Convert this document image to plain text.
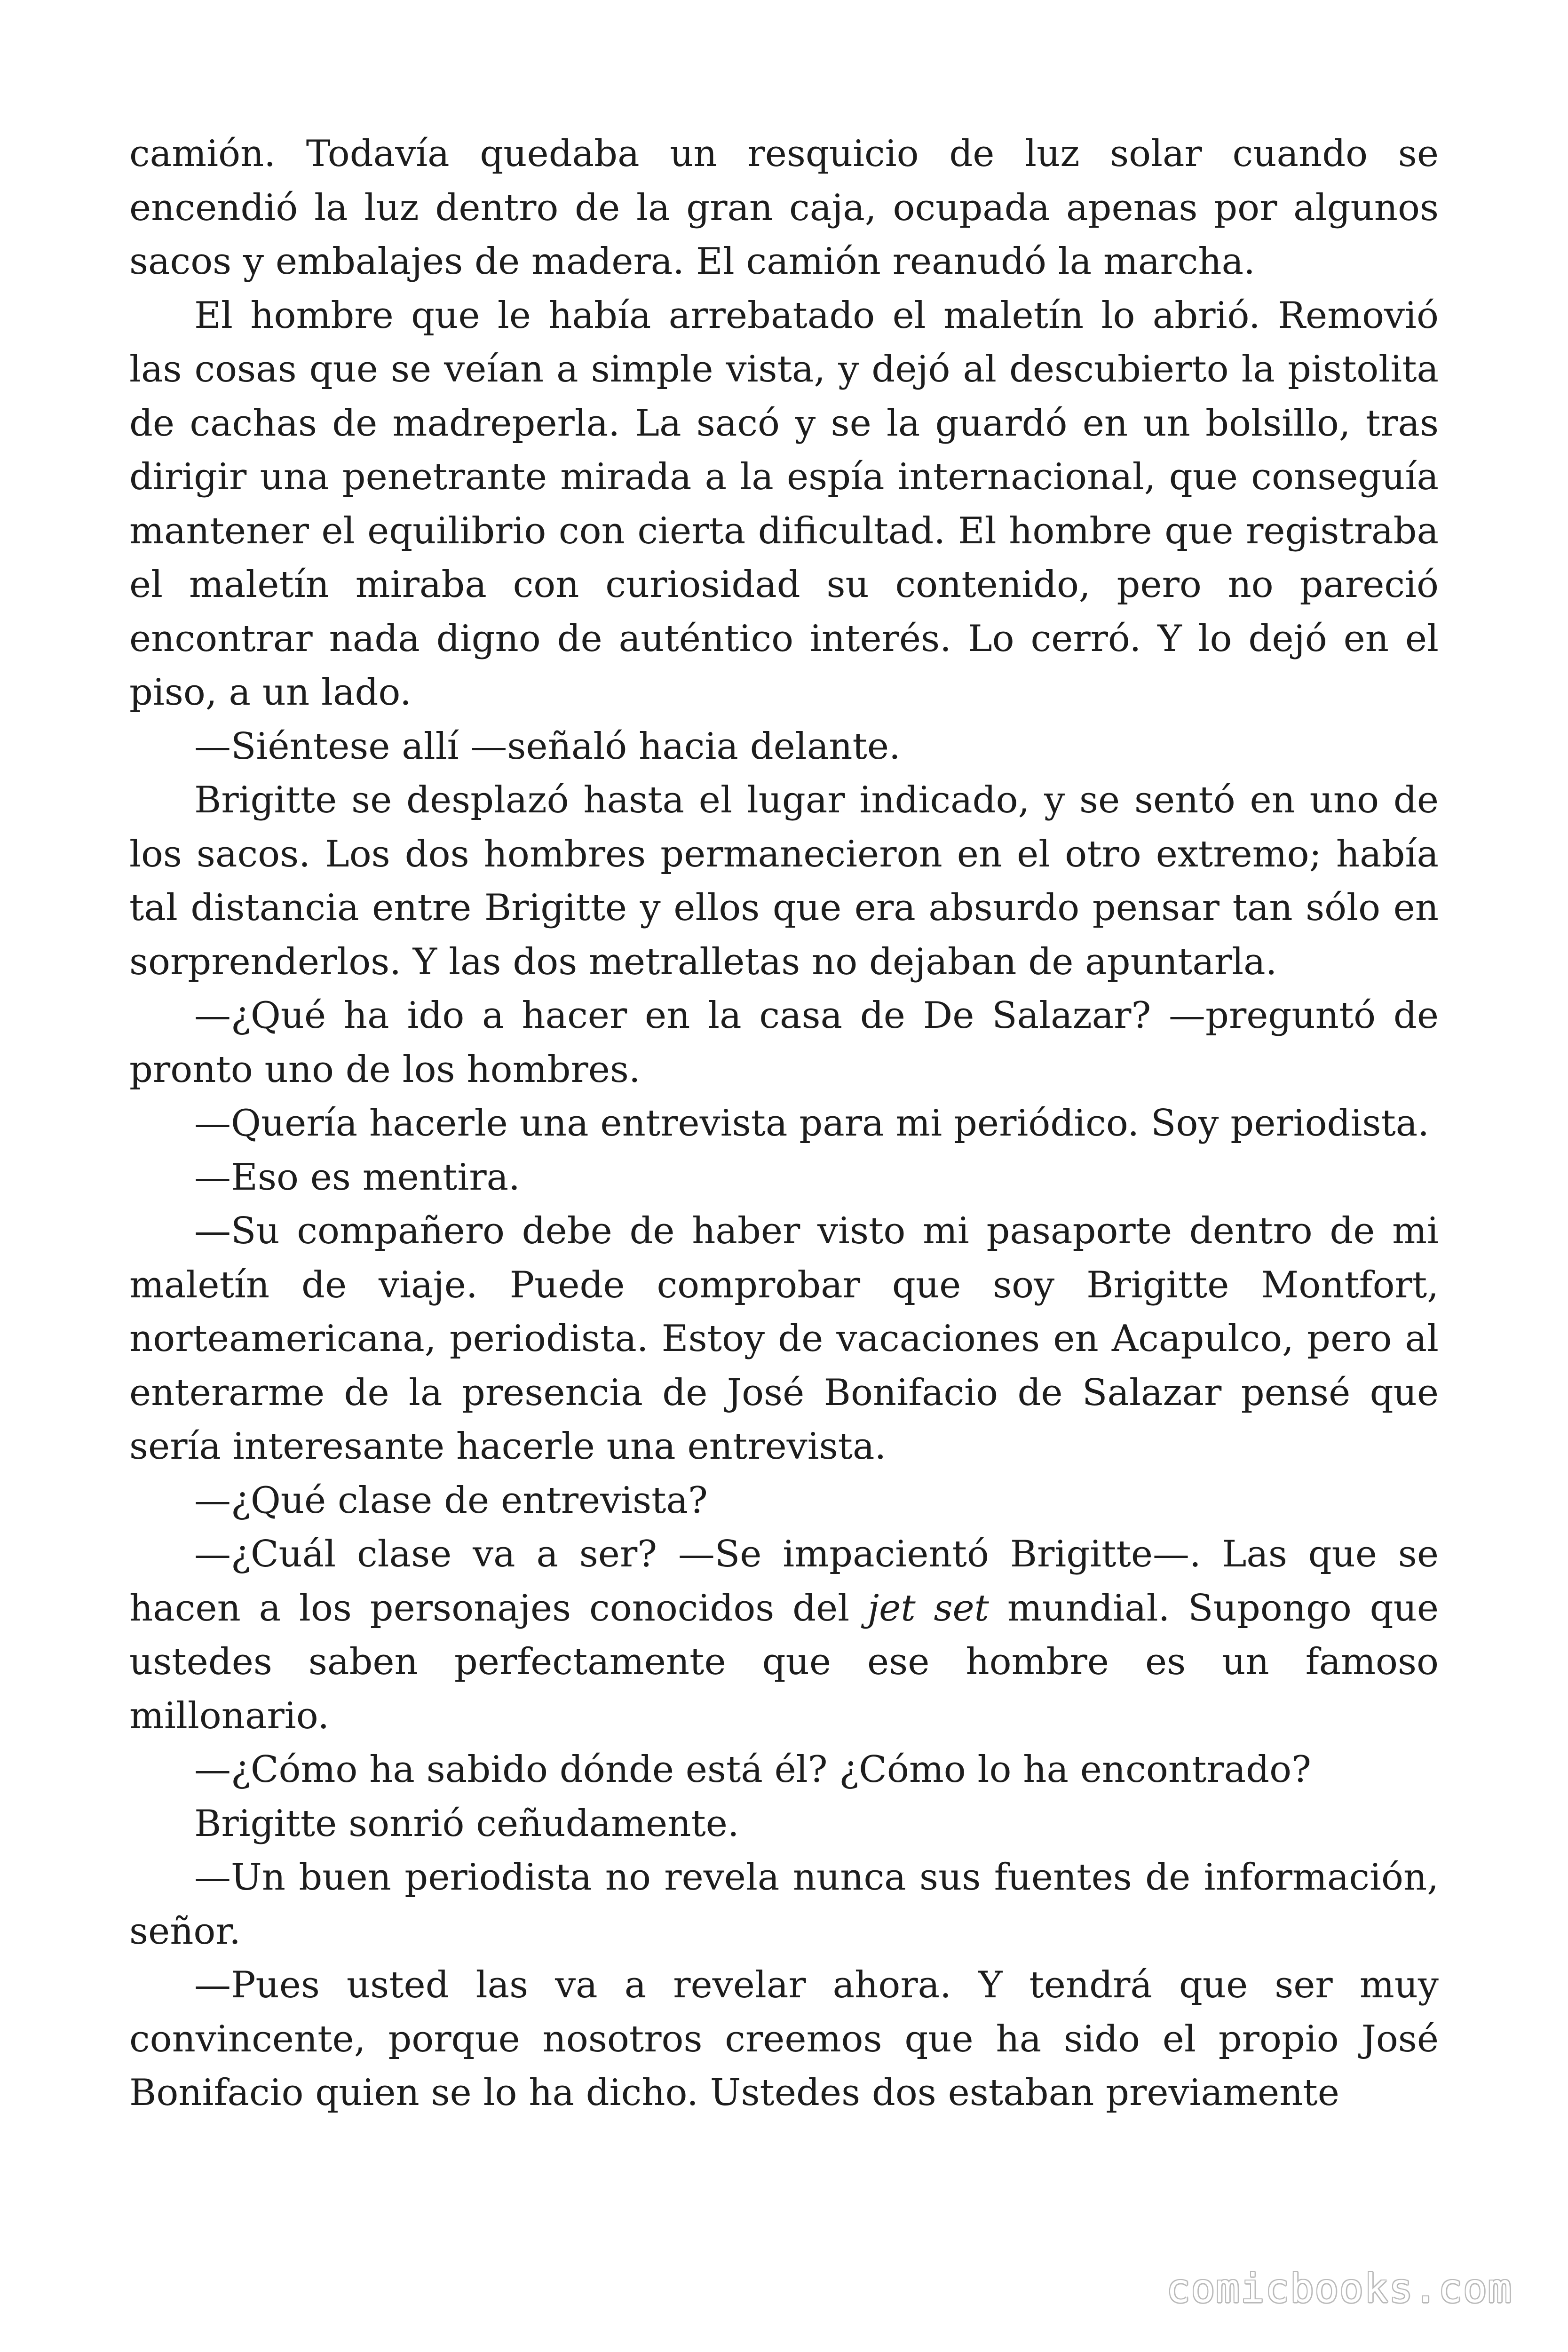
camión. Todavía quedaba un resquicio de luz solar cuando se encendió la luz dentro de la gran caja, ocupada apenas por algunos sacos y embalajes de madera. El camión reanudó la marcha.

El hombre que le había arrebatado el maletín lo abrió. Removió las cosas que se veían a simple vista, y dejó al descubierto la pistolita de cachas de madreperla. La sacó y se la guardó en un bolsillo, tras dirigir una penetrante mirada a la espía internacional, que conseguía mantener el equilibrio con cierta dificultad. El hombre que registraba el maletín miraba con curiosidad su contenido, pero no pareció encontrar nada digno de auténtico interés. Lo cerró. Y lo dejó en el piso, a un lado.

—Siéntese allí —señaló hacia delante.

Brigitte se desplazó hasta el lugar indicado, y se sentó en uno de los sacos. Los dos hombres permanecieron en el otro extremo; había tal distancia entre Brigitte y ellos que era absurdo pensar tan sólo en sorprenderlos. Y las dos metralletas no dejaban de apuntarla.

—¿Qué ha ido a hacer en la casa de De Salazar? —preguntó de pronto uno de los hombres.

—Quería hacerle una entrevista para mi periódico. Soy periodista.

—Eso es mentira.

—Su compañero debe de haber visto mi pasaporte dentro de mi maletín de viaje. Puede comprobar que soy Brigitte Montfort, norteamericana, periodista. Estoy de vacaciones en Acapulco, pero al enterarme de la presencia de José Bonifacio de Salazar pensé que sería interesante hacerle una entrevista.

—¿Qué clase de entrevista?

—¿Cuál clase va a ser? —Se impacientó Brigitte—. Las que se hacen a los personajes conocidos del jet set mundial. Supongo que ustedes saben perfectamente que ese hombre es un famoso millonario.

—¿Cómo ha sabido dónde está él? ¿Cómo lo ha encontrado?

Brigitte sonrió ceñudamente.

—Un buen periodista no revela nunca sus fuentes de información, señor.

—Pues usted las va a revelar ahora. Y tendrá que ser muy convincente, porque nosotros creemos que ha sido el propio José Bonifacio quien se lo ha dicho. Ustedes dos estaban previamente

comicbooks.com
